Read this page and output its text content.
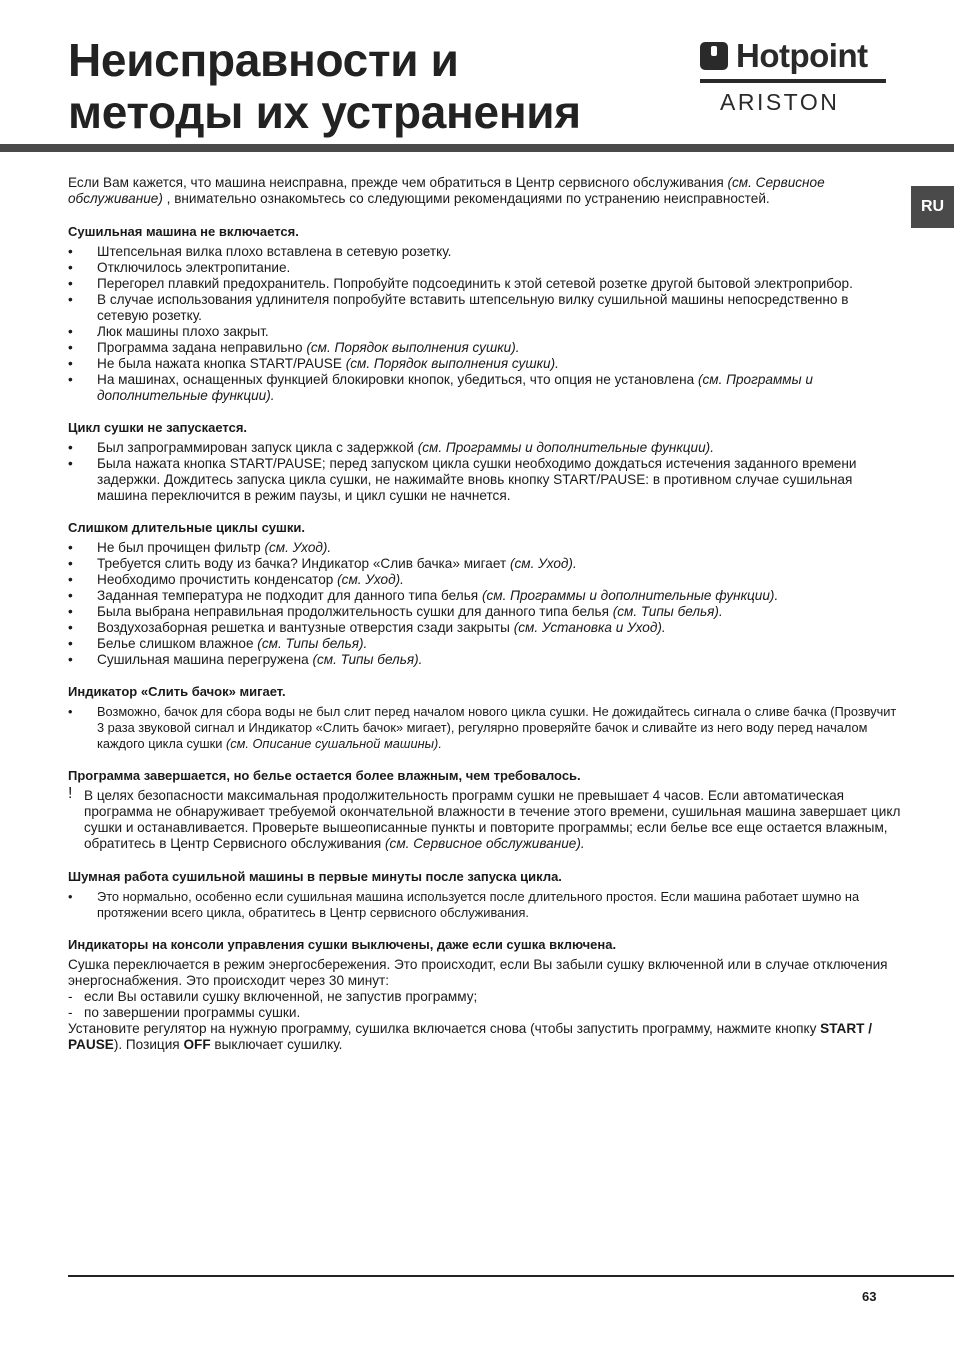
Неисправности и
методы их устранения
Hotpoint
ARISTON
RU

Если Вам кажется, что машина неисправна, прежде чем обратиться в Центр сервисного обслуживания (см. Сервисное обслуживание) , внимательно ознакомьтесь со следующими рекомендациями по устранению неисправностей.

Сушильная машина не включается.
• Штепсельная вилка плохо вставлена в сетевую розетку.
• Отключилось электропитание.
• Перегорел плавкий предохранитель. Попробуйте подсоединить к этой сетевой розетке другой бытовой электроприбор.
• В случае использования удлинителя попробуйте вставить штепсельную вилку сушильной машины непосредственно в сетевую розетку.
• Люк машины плохо закрыт.
• Программа задана неправильно (см. Порядок выполнения сушки).
• Не была нажата кнопка START/PAUSE (см. Порядок выполнения сушки).
• На машинах, оснащенных функцией блокировки кнопок, убедиться, что опция не установлена (см. Программы и дополнительные функции).
Цикл сушки не запускается.
• Был запрограммирован запуск цикла с задержкой (см. Программы и дополнительные функции).
• Была нажата кнопка START/PAUSE; перед запуском цикла сушки необходимо дождаться истечения заданного времени задержки. Дождитесь запуска цикла сушки, не нажимайте вновь кнопку START/PAUSE: в противном случае сушильная машина переключится в режим паузы, и цикл сушки не начнется.
Слишком длительные циклы сушки.
• Не был прочищен фильтр (см. Уход).
• Требуется слить воду из бачка? Индикатор «Слив бачка» мигает (см. Уход).
• Необходимо прочистить конденсатор (см. Уход).
• Заданная температура не подходит для данного типа белья (см. Программы и дополнительные функции).
• Была выбрана неправильная продолжительность сушки для данного типа белья (см. Типы белья).
• Воздухозаборная решетка и вантузные отверстия сзади закрыты (см. Установка и Уход).
• Белье слишком влажное (см. Типы белья).
• Сушильная машина перегружена (см. Типы белья).
Индикатор «Слить бачок» мигает.
• Возможно, бачок для сбора воды не был слит перед началом нового цикла сушки. Не дожидайтесь сигнала о сливе бачка (Прозвучит 3 раза звуковой сигнал и Индикатор «Слить бачок» мигает), регулярно проверяйте бачок и сливайте из него воду перед началом каждого цикла сушки (см. Описание сушальной машины).
Программа завершается, но белье остается более влажным, чем требовалось.

! В целях безопасности максимальная продолжительность программ сушки не превышает 4 часов. Если автоматическая программа не обнаруживает требуемой окончательной влажности в течение этого времени, сушильная машина завершает цикл сушки и останавливается. Проверьте вышеописанные пункты и повторите программы; если белье все еще остается влажным, обратитесь в Центр Сервисного обслуживания (см. Сервисное обслуживание).

Шумная работа сушильной машины в первые минуты после запуска цикла.
• Это нормально, особенно если сушильная машина используется после длительного простоя. Если машина работает шумно на протяжении всего цикла, обратитесь в Центр сервисного обслуживания.
Индикаторы на консоли управления сушки выключены, даже если сушка включена.

Сушка переключается в режим энергосбережения. Это происходит, если Вы забыли сушку включенной или в случае отключения энергоснабжения. Это происходит через 30 минут:

- если Вы оставили сушку включенной, не запустив программу;
- по завершении программы сушки.

Установите регулятор на нужную программу, сушилка включается снова (чтобы запустить программу, нажмите кнопку START / PAUSE). Позиция OFF выключает сушилку.

63
